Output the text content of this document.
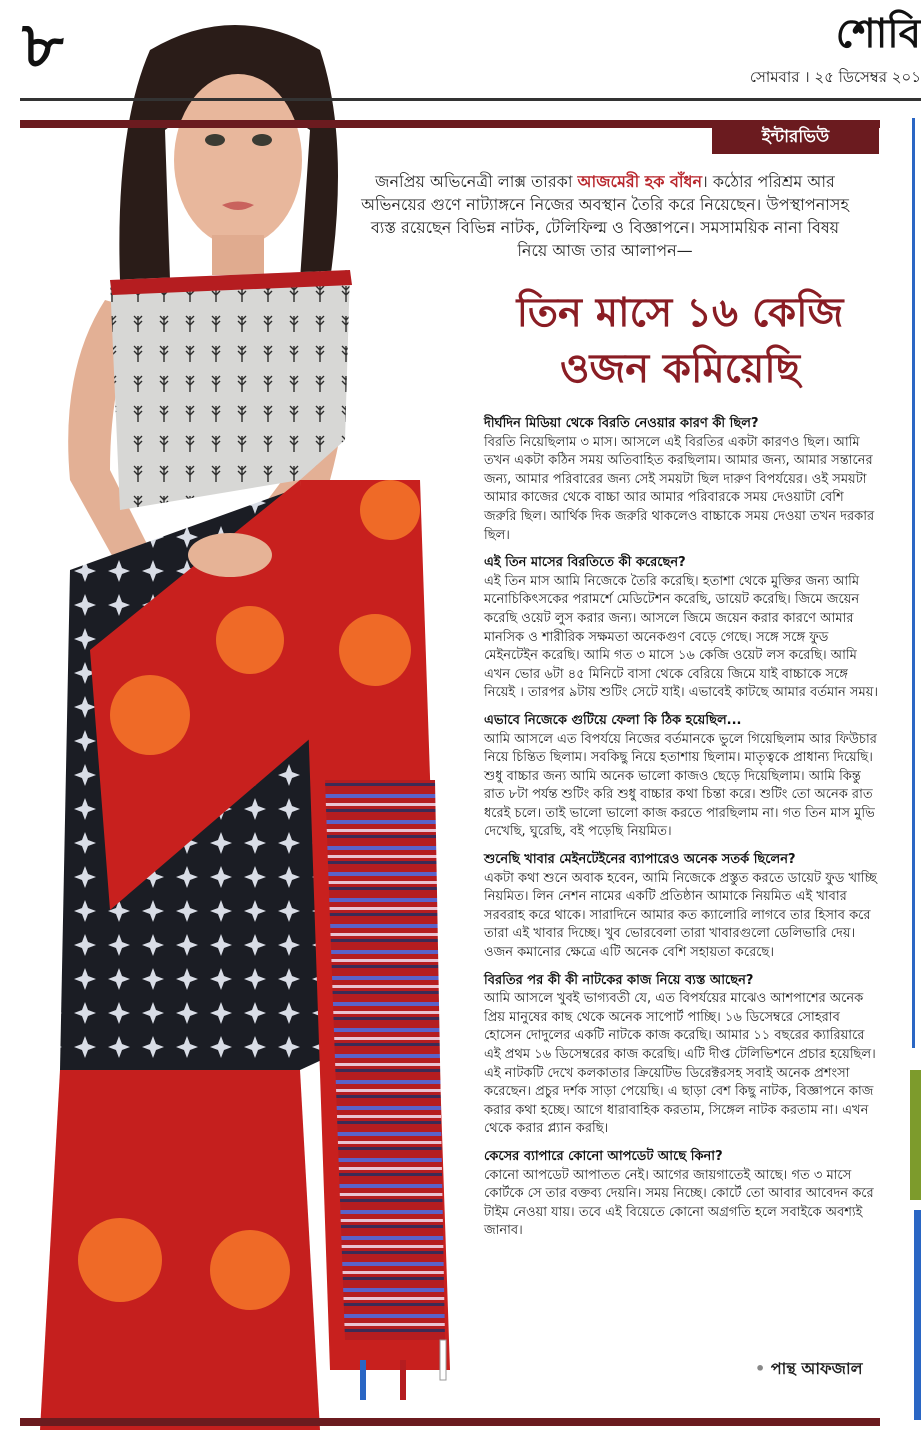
৮	শোবি
সোমবার । ২৫ ডিসেম্বর ২০১
ইন্টারভিউ
জনপ্রিয় অভিনেত্রী লাক্স তারকা আজমেরী হক বাঁধন। কঠোর পরিশ্রম আর অভিনয়ের গুণে নাট্যাঙ্গনে নিজের অবস্থান তৈরি করে নিয়েছেন। উপস্থাপনাসহ ব্যস্ত রয়েছেন বিভিন্ন নাটক, টেলিফিল্ম ও বিজ্ঞাপনে। সমসাময়িক নানা বিষয় নিয়ে আজ তার আলাপন—
তিন মাসে ১৬ কেজি
ওজন কমিয়েছি

দীর্ঘদিন মিডিয়া থেকে বিরতি নেওয়ার কারণ কী ছিল?

বিরতি নিয়েছিলাম ৩ মাস। আসলে এই বিরতির একটা কারণও ছিল। আমি তখন একটা কঠিন সময় অতিবাহিত করছিলাম। আমার জন্য, আমার সন্তানের জন্য, আমার পরিবারের জন্য সেই সময়টা ছিল দারুণ বিপর্যয়ের। ওই সময়টা আমার কাজের থেকে বাচ্চা আর আমার পরিবারকে সময় দেওয়াটা বেশি জরুরি ছিল। আর্থিক দিক জরুরি থাকলেও বাচ্চাকে সময় দেওয়া তখন দরকার ছিল।

এই তিন মাসের বিরতিতে কী করেছেন?

এই তিন মাস আমি নিজেকে তৈরি করেছি। হতাশা থেকে মুক্তির জন্য আমি মনোচিকিৎসকের পরামর্শে মেডিটেশন করেছি, ডায়েট করেছি। জিমে জয়েন করেছি ওয়েট লুস করার জন্য। আসলে জিমে জয়েন করার কারণে আমার মানসিক ও শারীরিক সক্ষমতা অনেকগুণ বেড়ে গেছে। সঙ্গে সঙ্গে ফুড মেইনটেইন করেছি। আমি গত ৩ মাসে ১৬ কেজি ওয়েট লস করেছি। আমি এখন ভোর ৬টা ৪৫ মিনিটে বাসা থেকে বেরিয়ে জিমে যাই বাচ্চাকে সঙ্গে নিয়েই । তারপর ৯টায় শুটিং সেটে যাই। এভাবেই কাটছে আমার বর্তমান সময়।

এভাবে নিজেকে গুটিয়ে ফেলা কি ঠিক হয়েছিল...

আমি আসলে এত বিপর্যয়ে নিজের বর্তমানকে ভুলে গিয়েছিলাম আর ফিউচার নিয়ে চিন্তিত ছিলাম। সবকিছু নিয়ে হতাশায় ছিলাম। মাতৃত্বকে প্রাধান্য দিয়েছি। শুধু বাচ্চার জন্য আমি অনেক ভালো কাজও ছেড়ে দিয়েছিলাম। আমি কিন্তু রাত ৮টা পর্যন্ত শুটিং করি শুধু বাচ্চার কথা চিন্তা করে। শুটিং তো অনেক রাত ধরেই চলে। তাই ভালো ভালো কাজ করতে পারছিলাম না। গত তিন মাস মুভি দেখেছি, ঘুরেছি, বই পড়েছি নিয়মিত।

শুনেছি খাবার মেইনটেইনের ব্যাপারেও অনেক সতর্ক ছিলেন?

একটা কথা শুনে অবাক হবেন, আমি নিজেকে প্রস্তুত করতে ডায়েট ফুড খাচ্ছি নিয়মিত। লিন নেশন নামের একটি প্রতিষ্ঠান আমাকে নিয়মিত এই খাবার সরবরাহ করে থাকে। সারাদিনে আমার কত ক্যালোরি লাগবে তার হিসাব করে তারা এই খাবার দিচ্ছে। খুব ভোরবেলা তারা খাবারগুলো ডেলিভারি দেয়। ওজন কমানোর ক্ষেত্রে এটি অনেক বেশি সহায়তা করেছে।

বিরতির পর কী কী নাটকের কাজ নিয়ে ব্যস্ত আছেন?

আমি আসলে খুবই ভাগ্যবতী যে, এত বিপর্যয়ের মাঝেও আশপাশের অনেক প্রিয় মানুষের কাছ থেকে অনেক সাপোর্ট পাচ্ছি। ১৬ ডিসেম্বরে সোহরাব হোসেন দোদুলের একটি নাটকে কাজ করেছি। আমার ১১ বছরের ক্যারিয়ারে এই প্রথম ১৬ ডিসেম্বরের কাজ করেছি। এটি দীপ্ত টেলিভিশনে প্রচার হয়েছিল। এই নাটকটি দেখে কলকাতার ক্রিয়েটিভ ডিরেক্টরসহ সবাই অনেক প্রশংসা করেছেন। প্রচুর দর্শক সাড়া পেয়েছি। এ ছাড়া বেশ কিছু নাটক, বিজ্ঞাপনে কাজ করার কথা হচ্ছে। আগে ধারাবাহিক করতাম, সিঙ্গেল নাটক করতাম না। এখন থেকে করার প্ল্যান করছি।

কেসের ব্যাপারে কোনো আপডেট আছে কিনা?

কোনো আপডেট আপাতত নেই। আগের জায়গাতেই আছে। গত ৩ মাসে কোর্টকে সে তার বক্তব্য দেয়নি। সময় নিচ্ছে। কোর্টে তো আবার আবেদন করে টাইম নেওয়া যায়। তবে এই বিয়েতে কোনো অগ্রগতি হলে সবাইকে অবশ্যই জানাব।

• পান্থ আফজাল
